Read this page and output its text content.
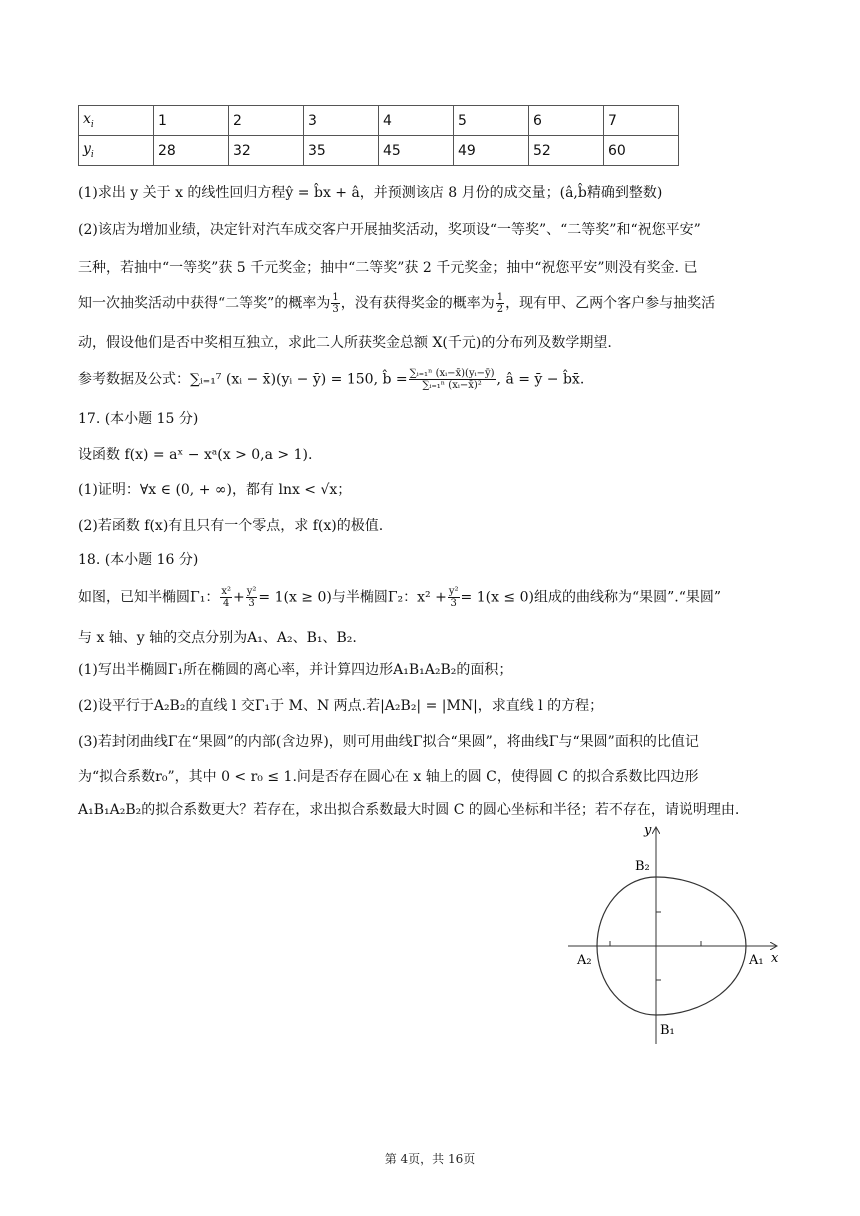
$x_i$	1	2	3	4	5	6	7
$y_i$	28	32	35	45	49	52	60
(1)求出 y 关于 x 的线性回归方程ŷ = b̂x + â，并预测该店 8 月份的成交量；(â,b̂精确到整数)
(2)该店为增加业绩，决定针对汽车成交客户开展抽奖活动，奖项设“一等奖”、“二等奖”和“祝您平安”
三种，若抽中“一等奖”获 5 千元奖金；抽中“二等奖”获 2 千元奖金；抽中“祝您平安”则没有奖金. 已
知一次抽奖活动中获得“二等奖”的概率为 $\frac{1}{3}$ ，没有获得奖金的概率为 $\frac{1}{2}$ ，现有甲、乙两个客户参与抽奖活
动，假设他们是否中奖相互独立，求此二人所获奖金总额 X(千元)的分布列及数学期望.
参考数据及公式：∑ᵢ₌₁⁷ (xᵢ − x̄)(yᵢ − ȳ) = 150, b̂ = $\frac{\text{∑ᵢ₌₁ⁿ (xᵢ−x̄)(yᵢ−ȳ)}}{\text{∑ᵢ₌₁ⁿ (xᵢ−x̄)²}}$ , â = ȳ − b̂x̄.
17. (本小题 15 分)
设函数 f(x) = aˣ − xᵃ(x > 0,a > 1).
(1)证明：∀x ∈ (0, + ∞)，都有 lnx < √x；
(2)若函数 f(x)有且只有一个零点，求 f(x)的极值.
18. (本小题 16 分)
如图，已知半椭圆Γ₁： $\frac{\text{x²}}{4} + \frac{\text{y²}}{3} = 1(x \ge 0)$与半椭圆Γ₂：$x^2 + \frac{\text{y²}}{3} = 1(x \le 0)$组成的曲线称为“果圆”.“果圆”
与 x 轴、y 轴的交点分别为A₁、A₂、B₁、B₂.
(1)写出半椭圆Γ₁所在椭圆的离心率，并计算四边形A₁B₁A₂B₂的面积；
(2)设平行于A₂B₂的直线 l 交Γ₁于 M、N 两点.若|A₂B₂| = |MN|，求直线 l 的方程；
(3)若封闭曲线Γ在“果圆”的内部(含边界)，则可用曲线Γ拟合“果圆”，将曲线Γ与“果圆”面积的比值记
为“拟合系数r₀”，其中 0 < r₀ ≤ 1.问是否存在圆心在 x 轴上的圆 C，使得圆 C 的拟合系数比四边形
A₁B₁A₂B₂的拟合系数更大？若存在，求出拟合系数最大时圆 C 的圆心坐标和半径；若不存在，请说明理由.
y
x
B₂
B₁
A₁
A₂
第 4页，共 16页
